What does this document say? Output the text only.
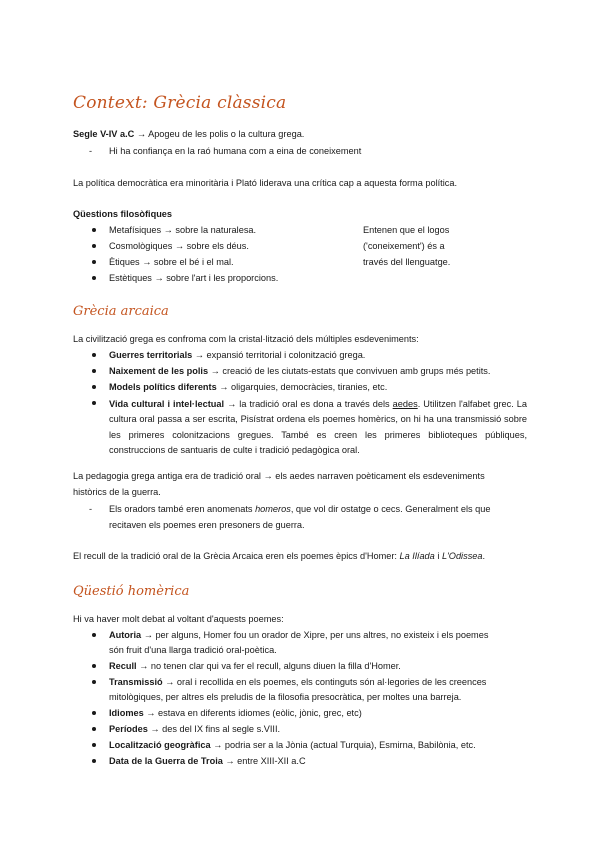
Context: Grècia clàssica
Segle V-IV a.C → Apogeu de les polis o la cultura grega.
- Hi ha confiança en la raó humana com a eina de coneixement
La política democràtica era minoritària i Plató liderava una crítica cap a aquesta forma política.
Qüestions filosòfiques
Metafísiques → sobre la naturalesa.
Cosmològiques → sobre els déus.
Ètiques → sobre el bé i el mal.
Estètiques → sobre l'art i les proporcions.
Entenen que el logos
('coneixement') és a
través del llenguatge.
Grècia arcaica
La civilització grega es confroma com la cristal·lització dels múltiples esdeveniments:
Guerres territorials → expansió territorial i colonització grega.
Naixement de les polis → creació de les ciutats-estats que convivuen amb grups més petits.
Models polítics diferents → oligarquies, democràcies, tiranies, etc.
Vida cultural i intel·lectual → la tradició oral es dona a través dels aedes. Utilitzen l'alfabet grec. La cultura oral passa a ser escrita, Pisístrat ordena els poemes homèrics, on hi ha una transmissió sobre les primeres colonitzacions gregues. També es creen les primeres biblioteques públiques, construccions de santuaris de culte i tradició pedagògica oral.
La pedagogia grega antiga era de tradició oral → els aedes narraven poèticament els esdeveniments
històrics de la guerra.
- Els oradors també eren anomenats homeros, que vol dir ostatge o cecs. Generalment els que
recitaven els poemes eren presoners de guerra.
El recull de la tradició oral de la Grècia Arcaica eren els poemes èpics d'Homer: La Ilíada i L'Odissea.
Qüestió homèrica
Hi va haver molt debat al voltant d'aquests poemes:
Autoria → per alguns, Homer fou un orador de Xipre, per uns altres, no existeix i els poemes
són fruit d'una llarga tradició oral-poètica.
Recull → no tenen clar qui va fer el recull, alguns diuen la filla d'Homer.
Transmissió → oral i recollida en els poemes, els continguts són al·legories de les creences
mitològiques, per altres els preludis de la filosofia presocràtica, per moltes una barreja.
Idiomes → estava en diferents idiomes (eòlic, jònic, grec, etc)
Períodes → des del IX fins al segle s.VIII.
Localització geogràfica → podria ser a la Jònia (actual Turquia), Esmirna, Babilònia, etc.
Data de la Guerra de Troia → entre XIII-XII a.C
